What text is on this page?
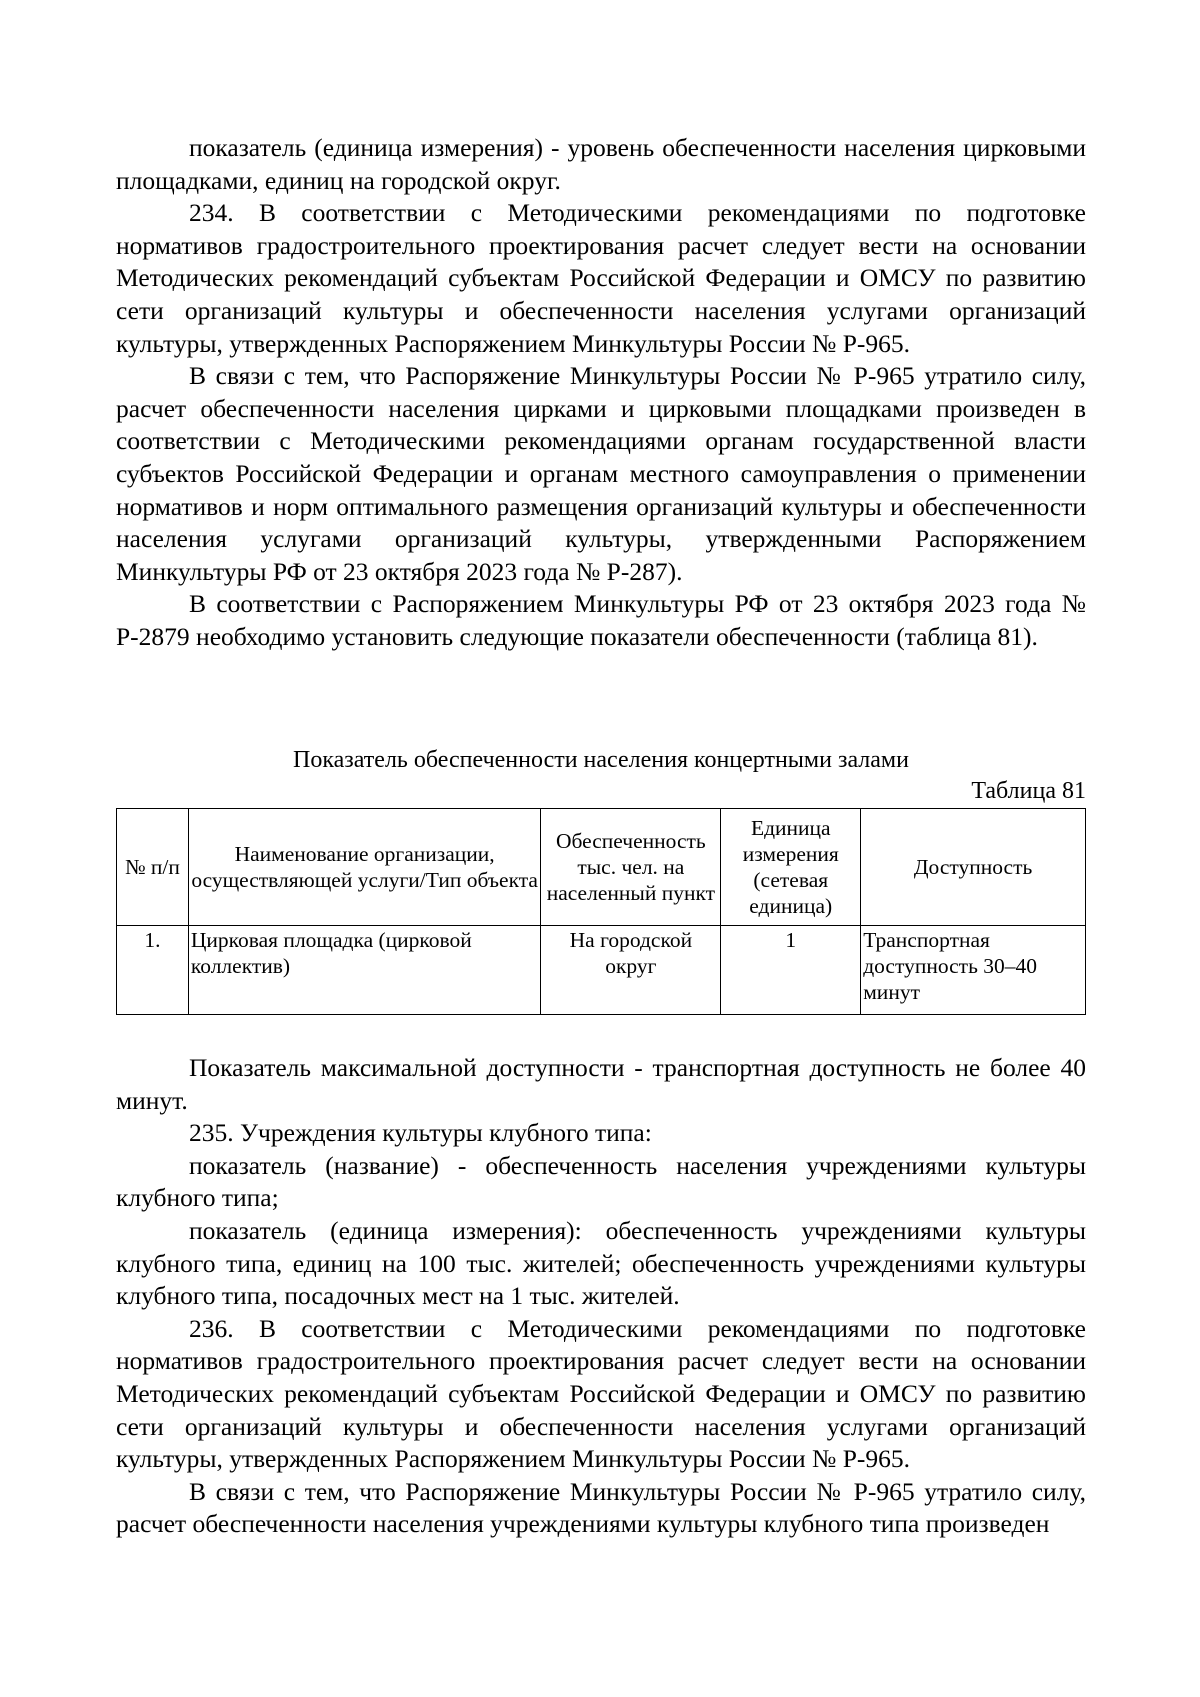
показатель (единица измерения) - уровень обеспеченности населения цирковыми площадками, единиц на городской округ.

234. В соответствии с Методическими рекомендациями по подготовке нормативов градостроительного проектирования расчет следует вести на основании Методических рекомендаций субъектам Российской Федерации и ОМСУ по развитию сети организаций культуры и обеспеченности населения услугами организаций культуры, утвержденных Распоряжением Минкультуры России № Р-965.

В связи с тем, что Распоряжение Минкультуры России № Р-965 утратило силу, расчет обеспеченности населения цирками и цирковыми площадками произведен в соответствии с Методическими рекомендациями органам государственной власти субъектов Российской Федерации и органам местного самоуправления о применении нормативов и норм оптимального размещения организаций культуры и обеспеченности населения услугами организаций культуры, утвержденными Распоряжением Минкультуры РФ от 23 октября 2023 года № Р-287).

В соответствии с Распоряжением Минкультуры РФ от 23 октября 2023 года № Р-2879 необходимо установить следующие показатели обеспеченности (таблица 81).

Показатель обеспеченности населения концертными залами
Таблица 81
№ п/п	Наименование организации, осуществляющей услуги/Тип объекта	Обеспеченность тыс. чел. на населенный пункт	Единица измерения (сетевая единица)	Доступность
1.	Цирковая площадка (цирковой коллектив)	На городской округ	1	Транспортная доступность 30–40 минут

Показатель максимальной доступности - транспортная доступность не более 40 минут.

235. Учреждения культуры клубного типа:

показатель (название) - обеспеченность населения учреждениями культуры клубного типа;

показатель (единица измерения): обеспеченность учреждениями культуры клубного типа, единиц на 100 тыс. жителей; обеспеченность учреждениями культуры клубного типа, посадочных мест на 1 тыс. жителей.

236. В соответствии с Методическими рекомендациями по подготовке нормативов градостроительного проектирования расчет следует вести на основании Методических рекомендаций субъектам Российской Федерации и ОМСУ по развитию сети организаций культуры и обеспеченности населения услугами организаций культуры, утвержденных Распоряжением Минкультуры России № Р-965.

В связи с тем, что Распоряжение Минкультуры России № Р-965 утратило силу, расчет обеспеченности населения учреждениями культуры клубного типа произведен
